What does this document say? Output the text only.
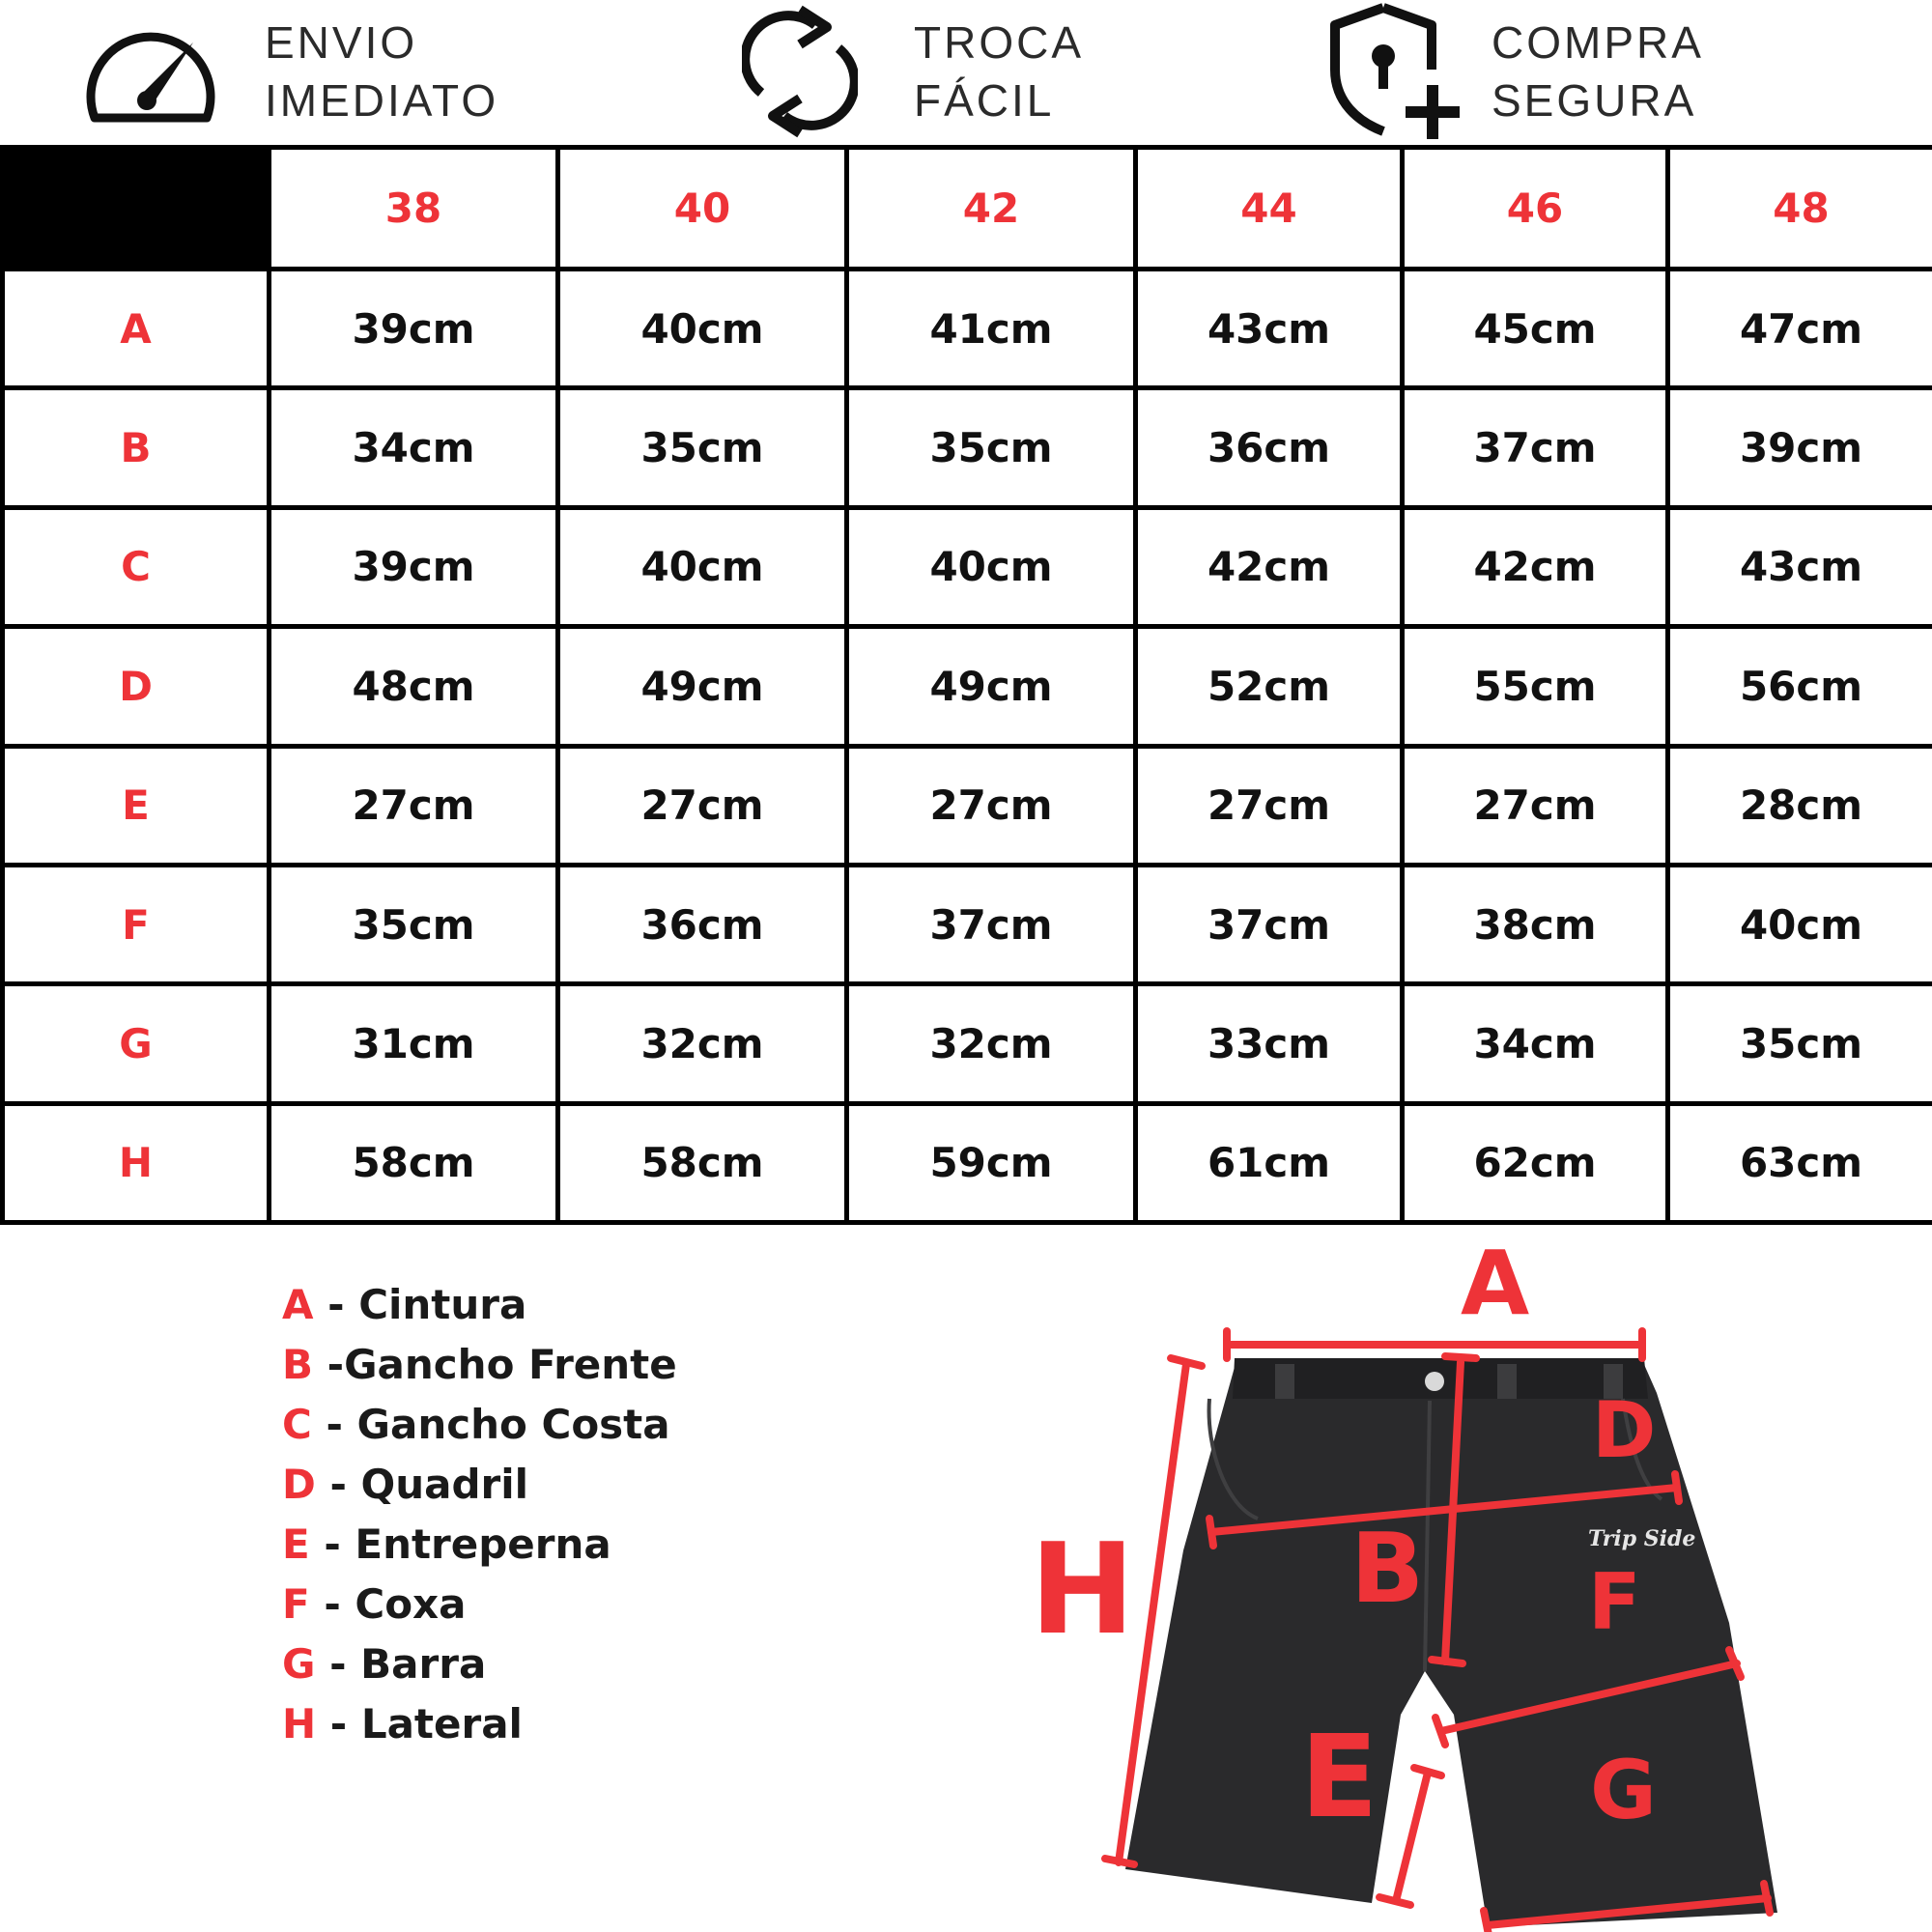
ENVIO
IMEDIATO
TROCA
FÁCIL
COMPRA
SEGURA
	38	40	42	44	46	48
A	39cm	40cm	41cm	43cm	45cm	47cm
B	34cm	35cm	35cm	36cm	37cm	39cm
C	39cm	40cm	40cm	42cm	42cm	43cm
D	48cm	49cm	49cm	52cm	55cm	56cm
E	27cm	27cm	27cm	27cm	27cm	28cm
F	35cm	36cm	37cm	37cm	38cm	40cm
G	31cm	32cm	32cm	33cm	34cm	35cm
H	58cm	58cm	59cm	61cm	62cm	63cm
A - Cintura
B -Gancho Frente
C - Gancho Costa
D - Quadril
E - Entreperna
F - Coxa
G - Barra
H - Lateral
Trip Side
A
D
B F
H
E	G
